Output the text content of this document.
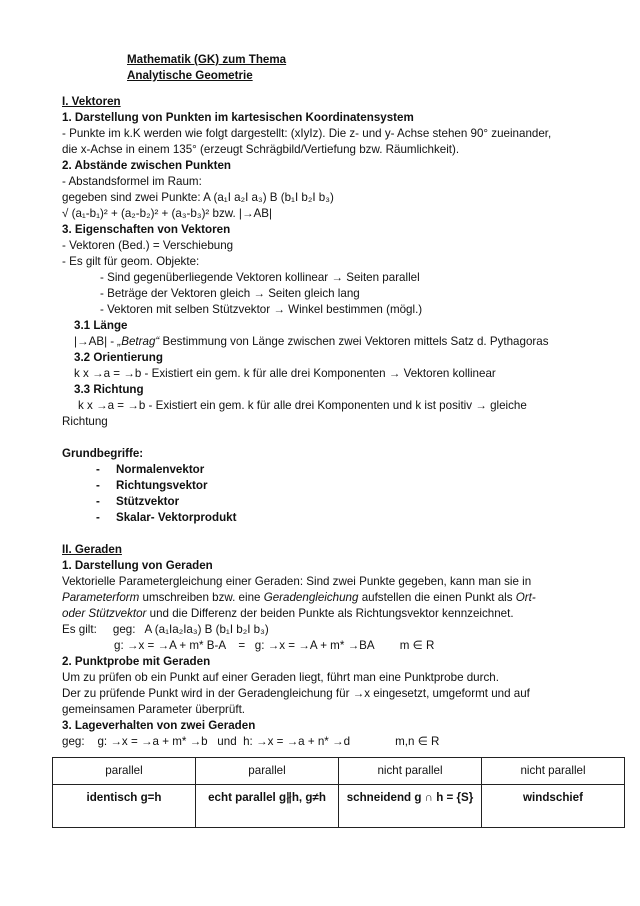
Mathematik (GK) zum Thema
Analytische Geometrie
I. Vektoren
1. Darstellung von Punkten im kartesischen Koordinatensystem
- Punkte im k.K werden wie folgt dargestellt: (xIyIz). Die z- und y- Achse stehen 90° zueinander,
die x-Achse in einem 135° (erzeugt Schrägbild/Vertiefung bzw. Räumlichkeit).
2. Abstände zwischen Punkten
- Abstandsformel im Raum:
gegeben sind zwei Punkte: A (a₁I a₂I a₃) B (b₁I b₂I b₃)
√ (a₁-b₁)² + (a₂-b₂)² + (a₃-b₃)² bzw. |→AB|
3. Eigenschaften von Vektoren
- Vektoren (Bed.) = Verschiebung
- Es gilt für geom. Objekte:
- Sind gegenüberliegende Vektoren kollinear → Seiten parallel
- Beträge der Vektoren gleich → Seiten gleich lang
- Vektoren mit selben Stützvektor → Winkel bestimmen (mögl.)
3.1 Länge
|→AB| - „Betrag“ Bestimmung von Länge zwischen zwei Vektoren mittels Satz d. Pythagoras
3.2 Orientierung
k x →a = →b - Existiert ein gem. k für alle drei Komponenten → Vektoren kollinear
3.3 Richtung
k x →a = →b - Existiert ein gem. k für alle drei Komponenten und k ist positiv → gleiche
Richtung
Grundbegriffe:
- Normalenvektor
- Richtungsvektor
- Stützvektor
- Skalar- Vektorprodukt
II. Geraden
1. Darstellung von Geraden
Vektorielle Parametergleichung einer Geraden: Sind zwei Punkte gegeben, kann man sie in
Parameterform umschreiben bzw. eine Geradengleichung aufstellen die einen Punkt als Ort-
oder Stützvektor und die Differenz der beiden Punkte als Richtungsvektor kennzeichnet.
Es gilt:     geg:   A (a₁Ia₂Ia₃) B (b₁I b₂I b₃)
g: →x = →A + m* B-A    =   g: →x = →A + m* →BA        m ∈ R
2. Punktprobe mit Geraden
Um zu prüfen ob ein Punkt auf einer Geraden liegt, führt man eine Punktprobe durch.
Der zu prüfende Punkt wird in der Geradengleichung für →x eingesetzt, umgeformt und auf
gemeinsamen Parameter überprüft.
3. Lageverhalten von zwei Geraden
geg:    g: →x = →a + m* →b   und  h: →x = →a + n* →d              m,n ∈ R
parallel	parallel	nicht parallel	nicht parallel
identisch g=h	echt parallel g∦h, g≠h	schneidend g ∩ h = {S}	windschief
